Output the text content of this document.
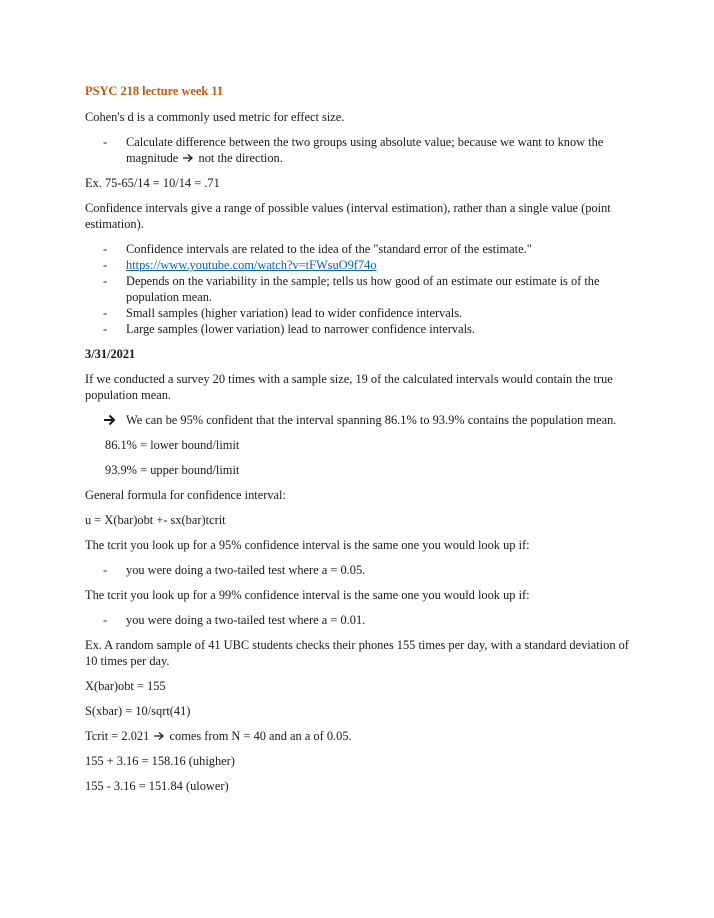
PSYC 218 lecture week 11

Cohen's d is a commonly used metric for effect size.

-	Calculate difference between the two groups using absolute value; because we want to know the magnitude not the direction.

Ex. 75-65/14 = 10/14 = .71

Confidence intervals give a range of possible values (interval estimation), rather than a single value (point estimation).

-	Confidence intervals are related to the idea of the "standard error of the estimate."
-	https://www.youtube.com/watch?v=tFWsuO9f74o
-	Depends on the variability in the sample; tells us how good of an estimate our estimate is of the population mean.
-	Small samples (higher variation) lead to wider confidence intervals.
-	Large samples (lower variation) lead to narrower confidence intervals.

3/31/2021

If we conducted a survey 20 times with a sample size, 19 of the calculated intervals would contain the true population mean.

We can be 95% confident that the interval spanning 86.1% to 93.9% contains the population mean.

86.1% = lower bound/limit

93.9% = upper bound/limit

General formula for confidence interval:

u = X(bar)obt +- sx(bar)tcrit

The tcrit you look up for a 95% confidence interval is the same one you would look up if:

-	you were doing a two-tailed test where a = 0.05.

The tcrit you look up for a 99% confidence interval is the same one you would look up if:

-	you were doing a two-tailed test where a = 0.01.

Ex. A random sample of 41 UBC students checks their phones 155 times per day, with a standard deviation of 10 times per day.

X(bar)obt = 155

S(xbar) = 10/sqrt(41)

Tcrit = 2.021 comes from N = 40 and an a of 0.05.

155 + 3.16 = 158.16 (uhigher)

155 - 3.16 = 151.84 (ulower)
